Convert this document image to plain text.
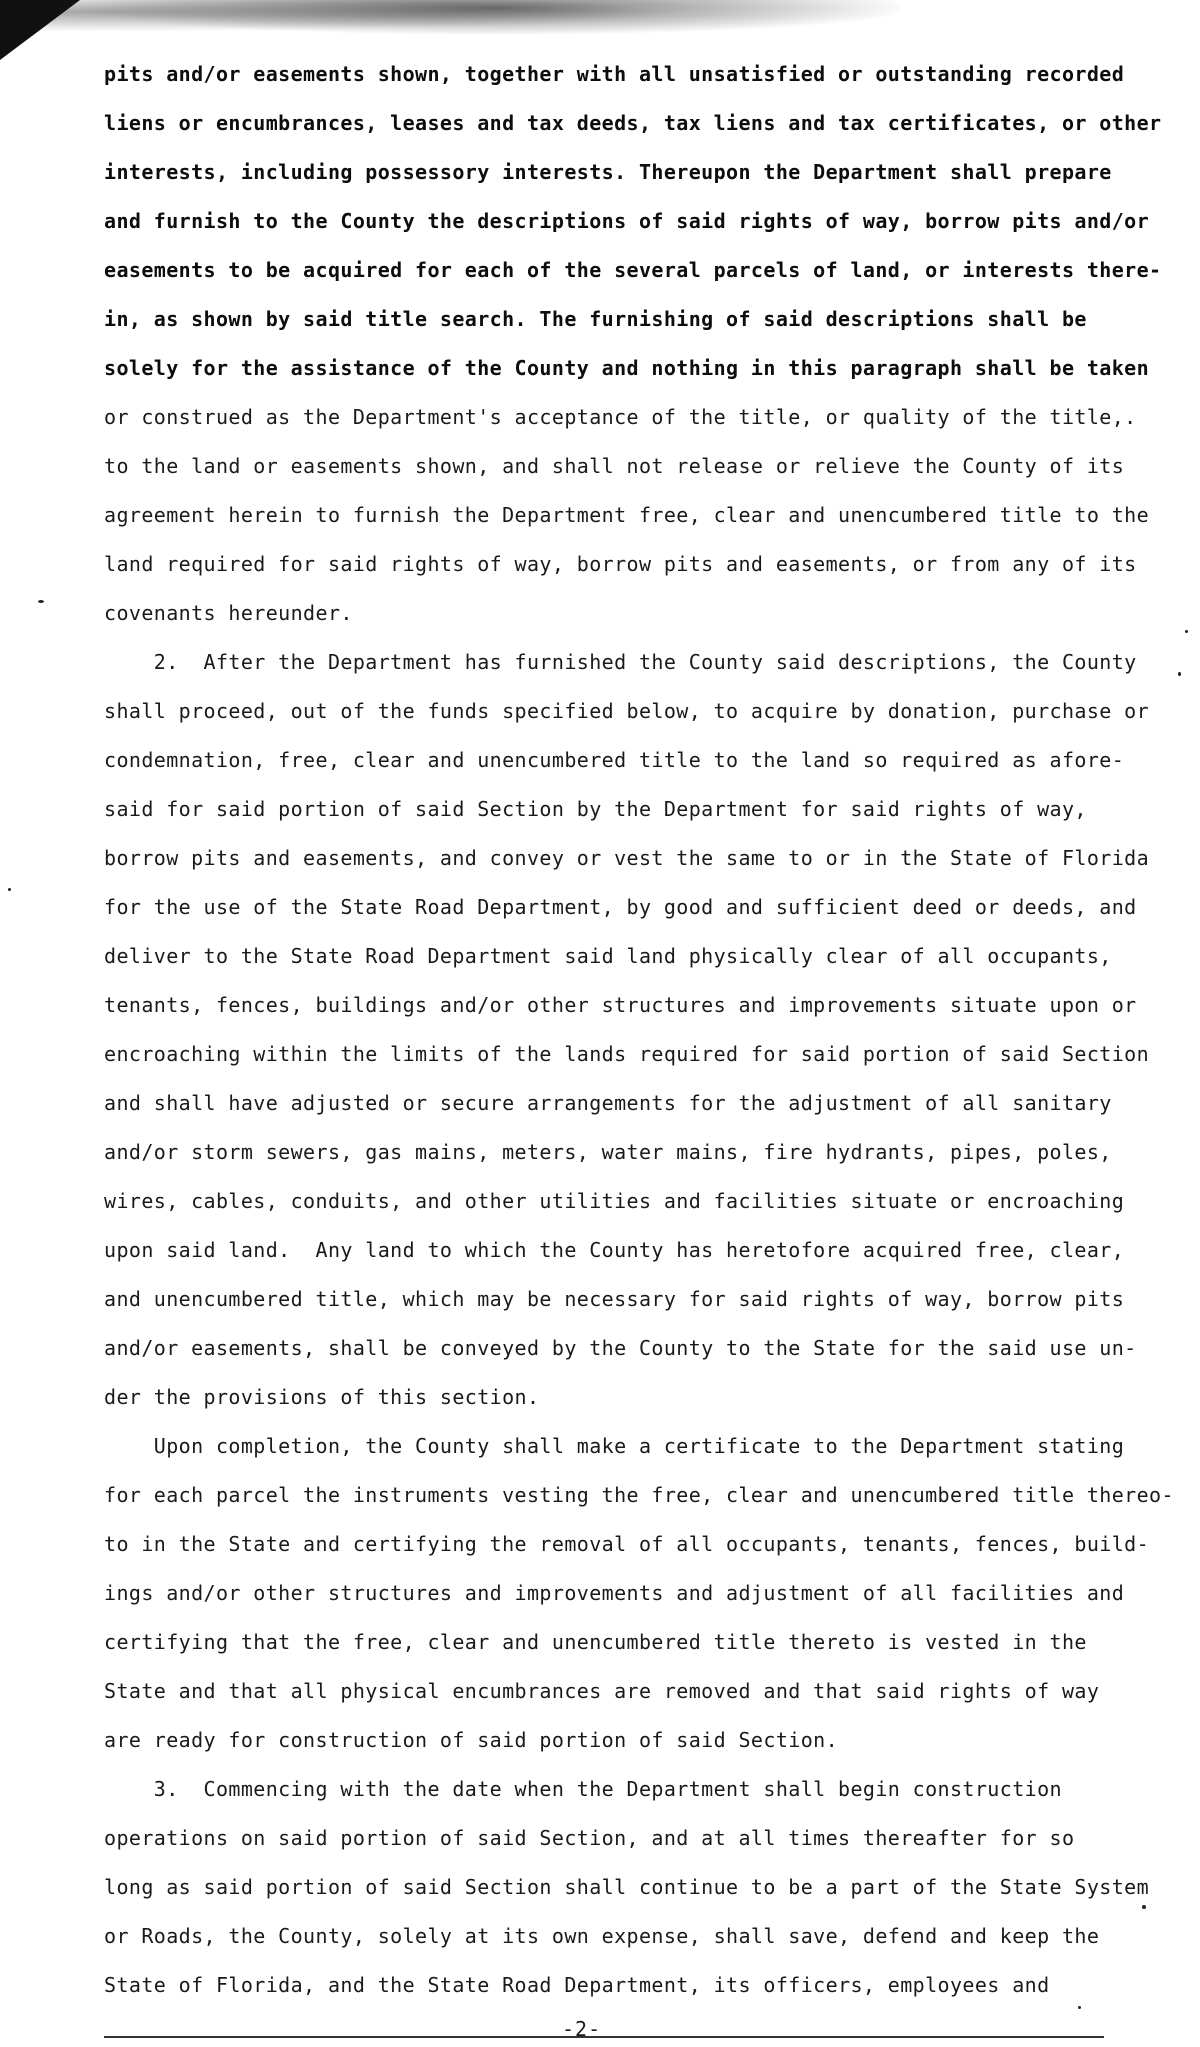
pits and/or easements shown, together with all unsatisfied or outstanding recorded
liens or encumbrances, leases and tax deeds, tax liens and tax certificates, or other
interests, including possessory interests. Thereupon the Department shall prepare
and furnish to the County the descriptions of said rights of way, borrow pits and/or
easements to be acquired for each of the several parcels of land, or interests there-
in, as shown by said title search. The furnishing of said descriptions shall be
solely for the assistance of the County and nothing in this paragraph shall be taken
or construed as the Department's acceptance of the title, or quality of the title,.
to the land or easements shown, and shall not release or relieve the County of its
agreement herein to furnish the Department free, clear and unencumbered title to the
land required for said rights of way, borrow pits and easements, or from any of its
covenants hereunder.
2.  After the Department has furnished the County said descriptions, the County
shall proceed, out of the funds specified below, to acquire by donation, purchase or
condemnation, free, clear and unencumbered title to the land so required as afore-
said for said portion of said Section by the Department for said rights of way,
borrow pits and easements, and convey or vest the same to or in the State of Florida
for the use of the State Road Department, by good and sufficient deed or deeds, and
deliver to the State Road Department said land physically clear of all occupants,
tenants, fences, buildings and/or other structures and improvements situate upon or
encroaching within the limits of the lands required for said portion of said Section
and shall have adjusted or secure arrangements for the adjustment of all sanitary
and/or storm sewers, gas mains, meters, water mains, fire hydrants, pipes, poles,
wires, cables, conduits, and other utilities and facilities situate or encroaching
upon said land.  Any land to which the County has heretofore acquired free, clear,
and unencumbered title, which may be necessary for said rights of way, borrow pits
and/or easements, shall be conveyed by the County to the State for the said use un-
der the provisions of this section.
Upon completion, the County shall make a certificate to the Department stating
for each parcel the instruments vesting the free, clear and unencumbered title thereo-
to in the State and certifying the removal of all occupants, tenants, fences, build-
ings and/or other structures and improvements and adjustment of all facilities and
certifying that the free, clear and unencumbered title thereto is vested in the
State and that all physical encumbrances are removed and that said rights of way
are ready for construction of said portion of said Section.
3.  Commencing with the date when the Department shall begin construction
operations on said portion of said Section, and at all times thereafter for so
long as said portion of said Section shall continue to be a part of the State System
or Roads, the County, solely at its own expense, shall save, defend and keep the
State of Florida, and the State Road Department, its officers, employees and
-2-
